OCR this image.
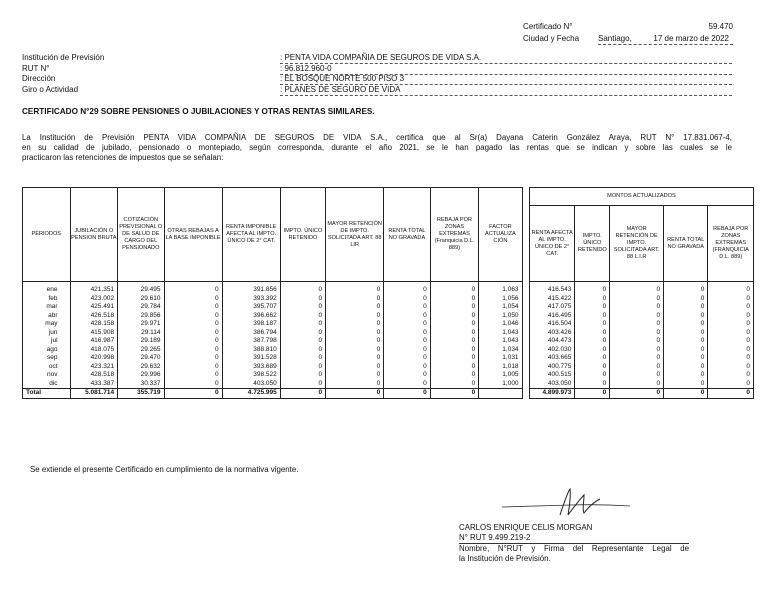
Certificado N°	59.470
Ciudad y Fecha Santiago,	17 de marzo de 2022
Institución de Previsión	: PENTA VIDA COMPAÑIA DE SEGUROS DE VIDA S.A.
RUT N°	: 96.812.960-0
Dirección	: EL BOSQUE NORTE 500 PISO 3
Giro o Actividad	: PLANES DE SEGURO DE VIDA
CERTIFICADO N°29 SOBRE PENSIONES O JUBILACIONES Y OTRAS RENTAS SIMILARES.
La Institución de Previsión PENTA VIDA COMPAÑIA DE SEGUROS DE VIDA S.A., certifica que al Sr(a) Dayana Caterin González Araya, RUT N° 17.831.067-4,
en su calidad de jubilado, pensionado o montepiado, según corresponda, durante el año 2021, se le han pagado las rentas que se indican y sobre las cuales se le
practicaron las retenciones de impuestos que se señalan:
PERIODOS	JUBILACIÓN O PENSION BRUTA	COTIZACIÓN PREVISIONAL O DE SALUD DE CARGO DEL PENSIONADO	OTRAS REBAJAS A LA BASE IMPONIBLE	RENTA IMPONIBLE AFECTA AL IMPTO. ÚNICO DE 2° CAT.	IMPTO. ÚNICO RETENIDO	MAYOR RETENCIÓN DE IMPTO. SOLICITADA ART. 88 LIR	RENTA TOTAL NO GRAVADA	REBAJA POR ZONAS EXTREMAS (Franquicia D.L. 889)	FACTOR ACTUALIZA CIÓN		MONTOS ACTUALIZADOS				
											RENTA AFECTA AL IMPTO. ÚNICO DE 2° CAT.	IMPTO. ÚNICO RETENIDO	MAYOR RETENCIÓN DE IMPTO. SOLICITADA ART. 88 L.I.R	RENTA TOTAL NO GRAVADA	REBAJA POR ZONAS EXTREMAS (FRANQUICIA D.L. 889)
ene	421.351	29.495	0	391.856	0	0	0	0	1,063		416.543	0	0	0	0
feb	423.002	29.610	0	393.392	0	0	0	0	1,056		415.422	0	0	0	0
mar	425.491	29.784	0	395.707	0	0	0	0	1,054		417.075	0	0	0	0
abr	426.518	29.856	0	396.662	0	0	0	0	1,050		416.495	0	0	0	0
may	428.158	29.971	0	398.187	0	0	0	0	1,046		416.504	0	0	0	0
jun	415.908	29.114	0	386.794	0	0	0	0	1,043		403.426	0	0	0	0
jul	416.987	29.189	0	387.798	0	0	0	0	1,043		404.473	0	0	0	0
ago	418.075	29.265	0	388.810	0	0	0	0	1,034		402.030	0	0	0	0
sep	420.998	29.470	0	391.528	0	0	0	0	1,031		403.665	0	0	0	0
oct	423.321	29.632	0	393.689	0	0	0	0	1,018		400.775	0	0	0	0
nov	428.518	29.996	0	398.522	0	0	0	0	1,005		400.515	0	0	0	0
dic	433.387	30.337	0	403.050	0	0	0	0	1,000		403.050	0	0	0	0
Total	5.081.714	355.719	0	4.725.995	0	0	0	0			4.899.973	0	0	0	0
Se extiende el presente Certificado en cumplimiento de la normativa vigente.
CARLOS ENRIQUE CELIS MORGAN
N° RUT 9.499.219-2
Nombre, N°RUT y Firma del Representante Legal de
la Institución de Previsión.
